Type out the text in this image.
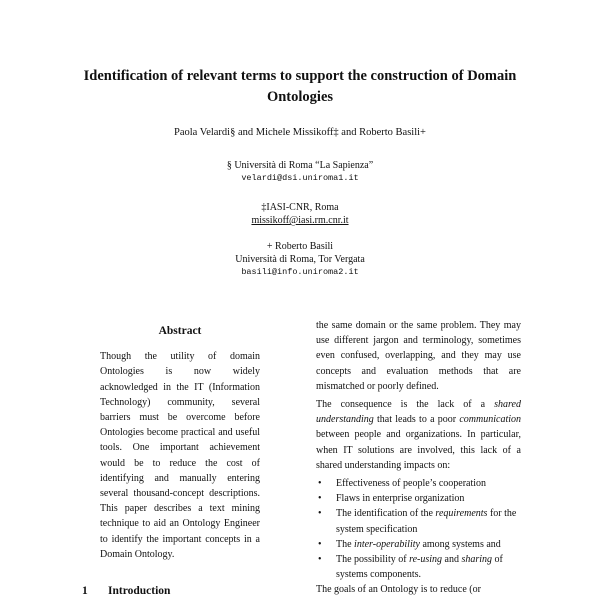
Identification of relevant terms to support the construction of Domain Ontologies
Paola Velardi§ and Michele Missikoff‡ and Roberto Basili+
§ Università di Roma “La Sapienza”
velardi@dsi.uniroma1.it
‡IASI-CNR, Roma
missikoff@iasi.rm.cnr.it
+ Roberto Basili
Università di Roma, Tor Vergata
basili@info.uniroma2.it
Abstract

Though the utility of domain Ontologies is now widely acknowledged in the IT (Information Technology) community, several barriers must be overcome before Ontologies become practical and useful tools. One important achievement would be to reduce the cost of identifying and manually entering several thousand-concept descriptions. This paper describes a text mining technique to aid an Ontology Engineer to identify the important concepts in a Domain Ontology.

1 Introduction

the same domain or the same problem. They may use different jargon and terminology, sometimes even confused, overlapping, and they may use concepts and evaluation methods that are mismatched or poorly defined.

The consequence is the lack of a shared understanding that leads to a poor communication between people and organizations. In particular, when IT solutions are involved, this lack of a shared understanding impacts on:

• Effectiveness of people’s cooperation
• Flaws in enterprise organization
• The identification of the requirements for the system specification
• The inter-operability among systems and
• The possibility of re-using and sharing of systems components.

The goals of an Ontology is to reduce (or
